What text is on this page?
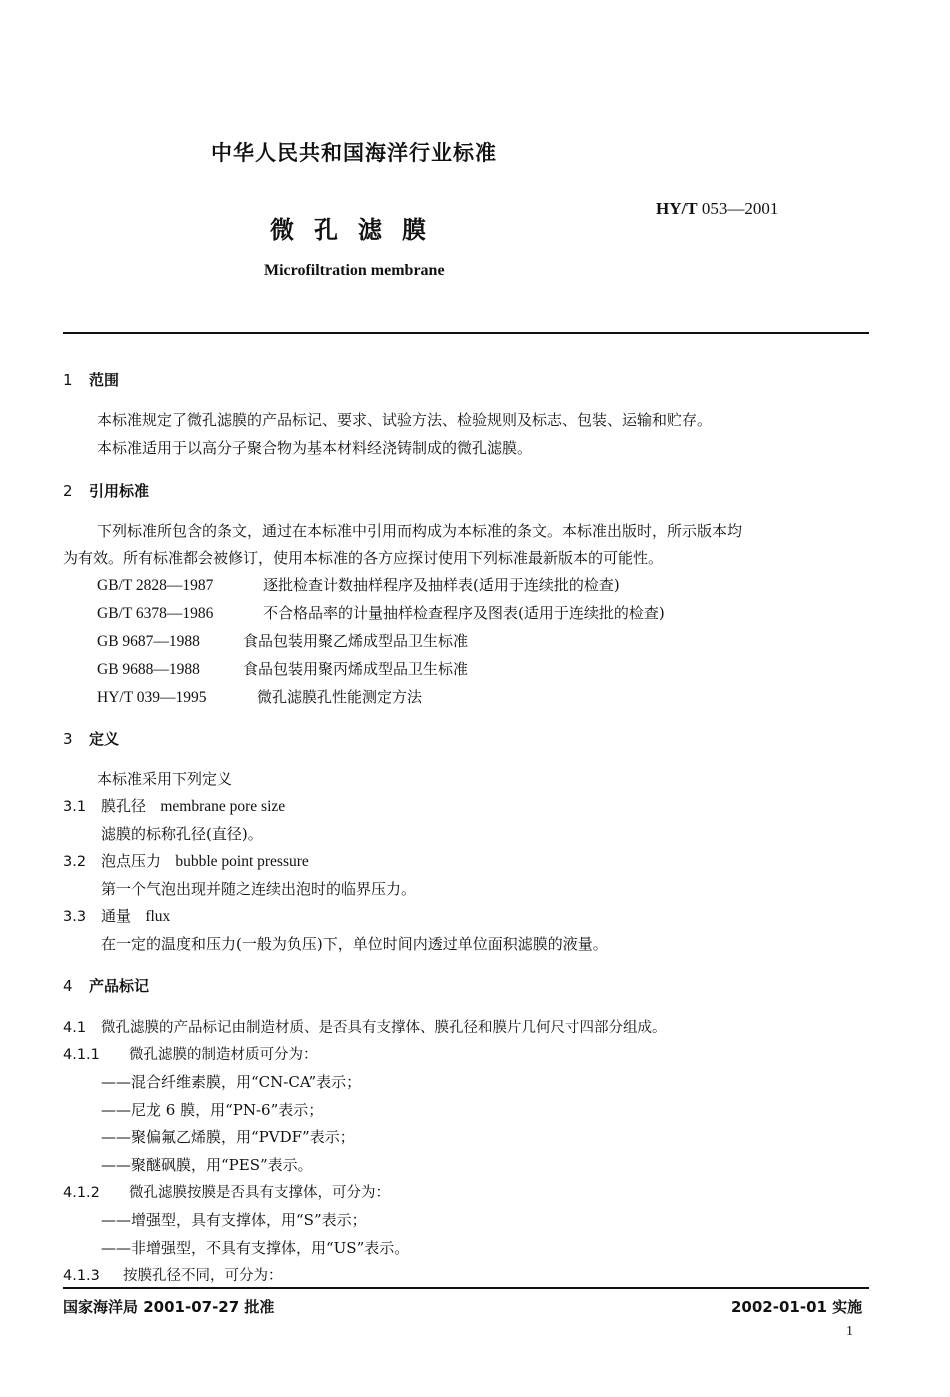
中华人民共和国海洋行业标准
HY/T 053—2001
微孔滤膜
Microfiltration membrane
1 范围
本标准规定了微孔滤膜的产品标记、要求、试验方法、检验规则及标志、包装、运输和贮存。
本标准适用于以高分子聚合物为基本材料经浇铸制成的微孔滤膜。
2 引用标准
下列标准所包含的条文，通过在本标准中引用而构成为本标准的条文。本标准出版时，所示版本均
为有效。所有标准都会被修订，使用本标准的各方应探讨使用下列标准最新版本的可能性。
GB/T 2828—1987	逐批检查计数抽样程序及抽样表(适用于连续批的检查)
GB/T 6378—1986	不合格品率的计量抽样检查程序及图表(适用于连续批的检查)
GB 9687—1988	食品包装用聚乙烯成型品卫生标准
GB 9688—1988	食品包装用聚丙烯成型品卫生标准
HY/T 039—1995	微孔滤膜孔性能测定方法
3 定义
本标准采用下列定义
3.1 膜孔径 membrane pore size
滤膜的标称孔径(直径)。
3.2 泡点压力 bubble point pressure
第一个气泡出现并随之连续出泡时的临界压力。
3.3 通量 flux
在一定的温度和压力(一般为负压)下，单位时间内透过单位面积滤膜的液量。
4 产品标记
4.1 微孔滤膜的产品标记由制造材质、是否具有支撑体、膜孔径和膜片几何尺寸四部分组成。
4.1.1 微孔滤膜的制造材质可分为：
——混合纤维素膜，用“CN-CA”表示；
——尼龙 6 膜，用“PN-6”表示；
——聚偏氟乙烯膜，用“PVDF”表示；
——聚醚砜膜，用“PES”表示。
4.1.2 微孔滤膜按膜是否具有支撑体，可分为：
——增强型，具有支撑体，用“S”表示；
——非增强型，不具有支撑体，用“US”表示。
4.1.3 按膜孔径不同，可分为：
国家海洋局 2001-07-27 批准	2002-01-01 实施
1
